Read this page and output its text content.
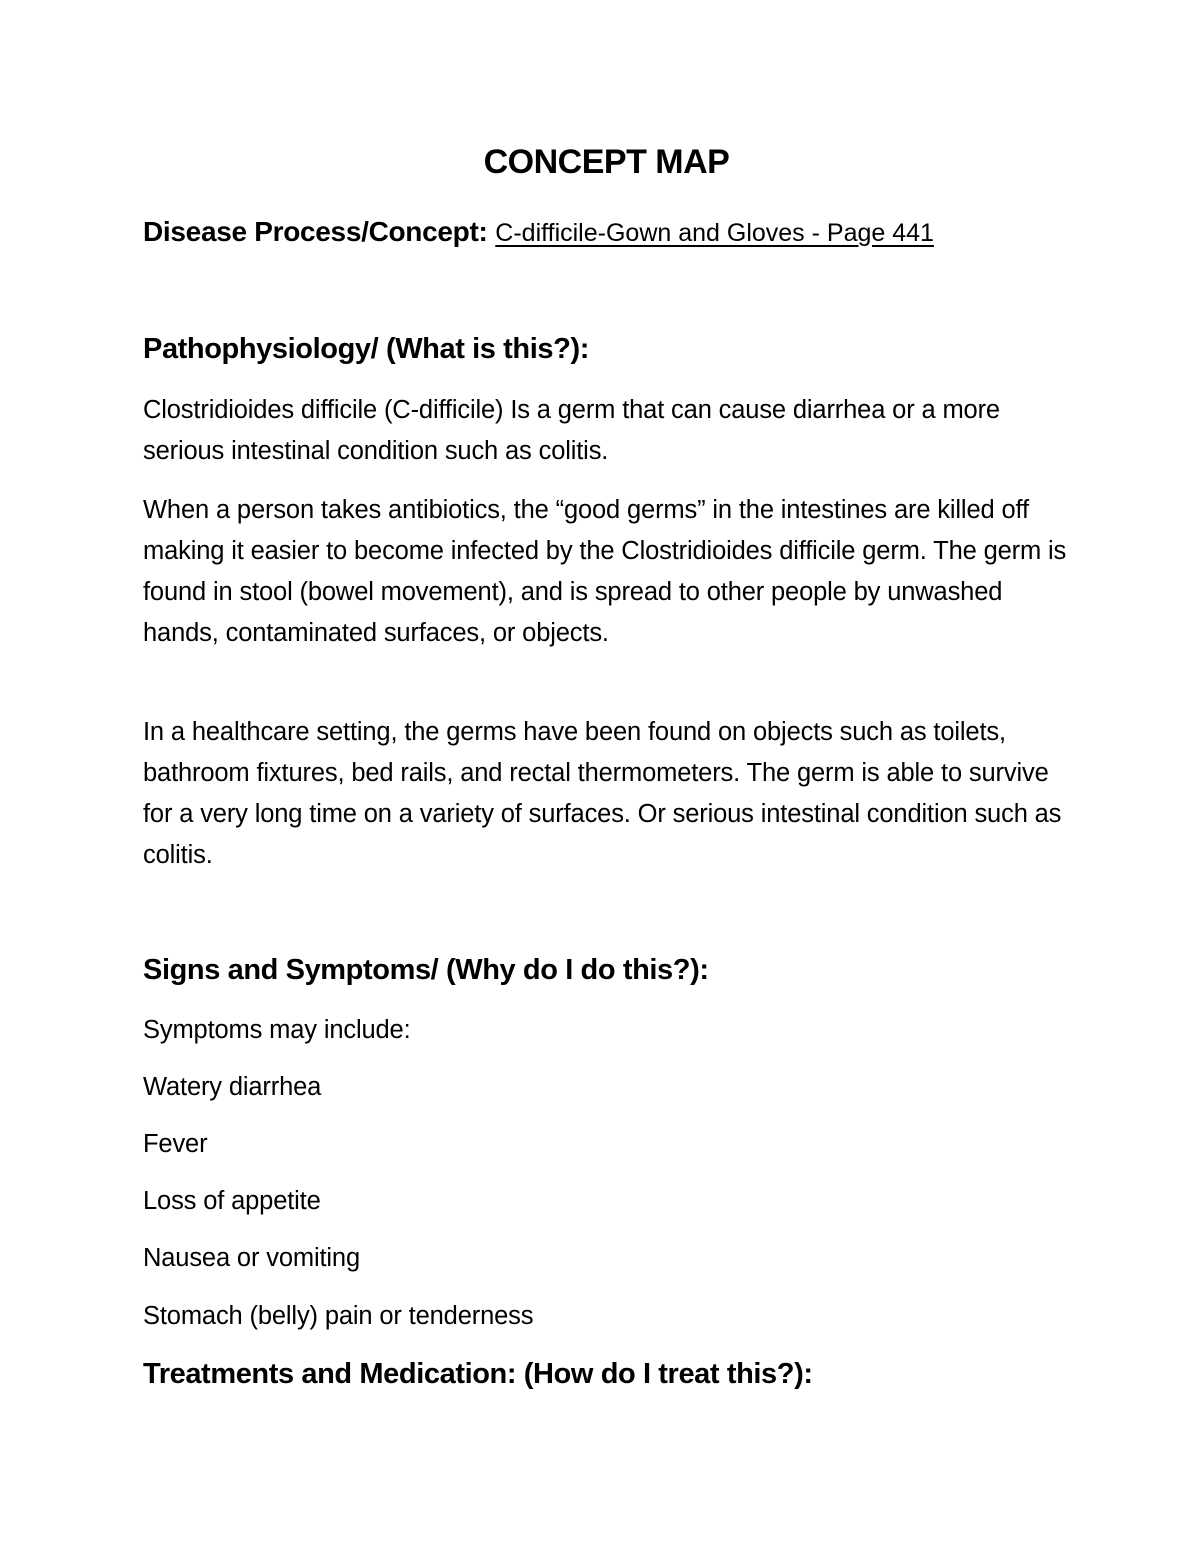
CONCEPT MAP
Disease Process/Concept: C-difficile-Gown and Gloves - Page 441
Pathophysiology/ (What is this?):
Clostridioides difficile (C-difficile) Is a germ that can cause diarrhea or a more serious intestinal condition such as colitis.
When a person takes antibiotics, the “good germs” in the intestines are killed off making it easier to become infected by the Clostridioides difficile germ. The germ is found in stool (bowel movement), and is spread to other people by unwashed hands, contaminated surfaces, or objects.
In a healthcare setting, the germs have been found on objects such as toilets, bathroom fixtures, bed rails, and rectal thermometers. The germ is able to survive for a very long time on a variety of surfaces. Or serious intestinal condition such as colitis.
Signs and Symptoms/ (Why do I do this?):
Symptoms may include:
Watery diarrhea
Fever
Loss of appetite
Nausea or vomiting
Stomach (belly) pain or tenderness
Treatments and Medication: (How do I treat this?):
